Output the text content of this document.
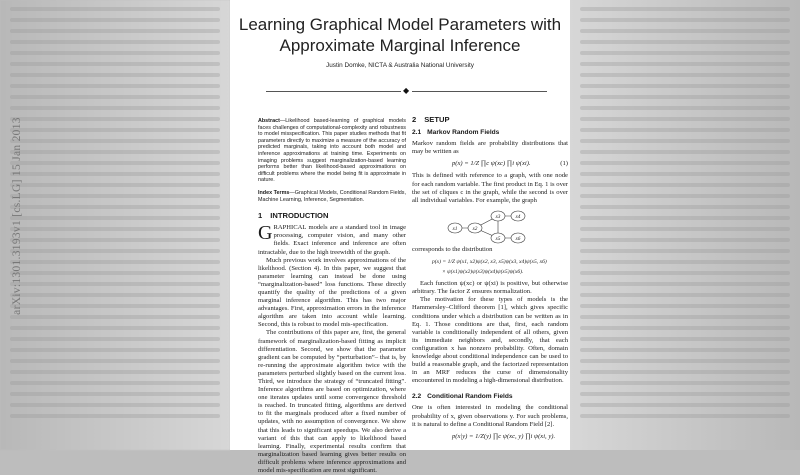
Learning Graphical Model Parameters with
Approximate Marginal Inference
Justin Domke, NICTA & Australia National University
◆
Abstract—Likelihood based-learning of graphical models faces challenges of computational-complexity and robustness to model misspecification. This paper studies methods that fit parameters directly to maximize a measure of the accuracy of predicted marginals, taking into account both model and inference approximations at training time. Experiments on imaging problems suggest marginalization-based learning performs better than likelihood-based approximations on difficult problems where the model being fit is approximate in nature.
Index Terms—Graphical Models, Conditional Random Fields, Machine Learning, Inference, Segmentation.
1 INTRODUCTION

GRAPHICAL models are a standard tool in image processing, computer vision, and many other fields. Exact inference and inference are often intractable, due to the high treewidth of the graph.

Much previous work involves approximations of the likelihood. (Section 4). In this paper, we suggest that parameter learning can instead be done using “marginalization-based” loss functions. These directly quantify the quality of the predictions of a given marginal inference algorithm. This has two major advantages. First, approximation errors in the inference algorithm are taken into account while learning. Second, this is robust to model mis-specification.

The contributions of this paper are, first, the general framework of marginalization-based fitting as implicit differentiation. Second, we show that the parameter gradient can be computed by “perturbation”– that is, by re-running the approximate algorithm twice with the parameters perturbed slightly based on the current loss. Third, we introduce the strategy of “truncated fitting”. Inference algorithms are based on optimization, where one iterates updates until some convergence threshold is reached. In truncated fitting, algorithms are derived to fit the marginals produced after a fixed number of updates, with no assumption of convergence. We show that this leads to significant speedups. We also derive a variant of this that can apply to likelihood based learning. Finally, experimental results confirm that marginalization based learning gives better results on difficult problems where inference approximations and model mis-specification are most significant.

2 SETUP
2.1 Markov Random Fields

Markov random fields are probability distributions that may be written as

p(x) = 1/Z ∏c ψ(xc) ∏i ψ(xi).	(1)

This is defined with reference to a graph, with one node for each random variable. The first product in Eq. 1 is over the set of cliques c in the graph, while the second is over all individual variables. For example, the graph

x1	x2
x3	x4
x5	x6

corresponds to the distribution

p(x) = 1/Z ψ(x1, x2)ψ(x2, x3, x5)ψ(x3, x4)ψ(x5, x6)
× ψ(x1)ψ(x2)ψ(x3)ψ(x4)ψ(x5)ψ(x6).

Each function ψ(xc) or ψ(xi) is positive, but otherwise arbitrary. The factor Z ensures normalization.

The motivation for these types of models is the Hammersley–Clifford theorem [1], which gives specific conditions under which a distribution can be written as in Eq. 1. Those conditions are that, first, each random variable is conditionally independent of all others, given its immediate neighbors and, secondly, that each configuration x has nonzero probability. Often, domain knowledge about conditional independence can be used to build a reasonable graph, and the factorized representation in an MRF reduces the curse of dimensionality encountered in modeling a high-dimensional distribution.

2.2 Conditional Random Fields

One is often interested in modeling the conditional probability of x, given observations y. For such problems, it is natural to define a Conditional Random Field [2].

p(x|y) = 1/Z(y) ∏c ψ(xc, y) ∏i ψ(xi, y).
arXiv:1301.3193v1 [cs.LG] 15 Jan 2013
